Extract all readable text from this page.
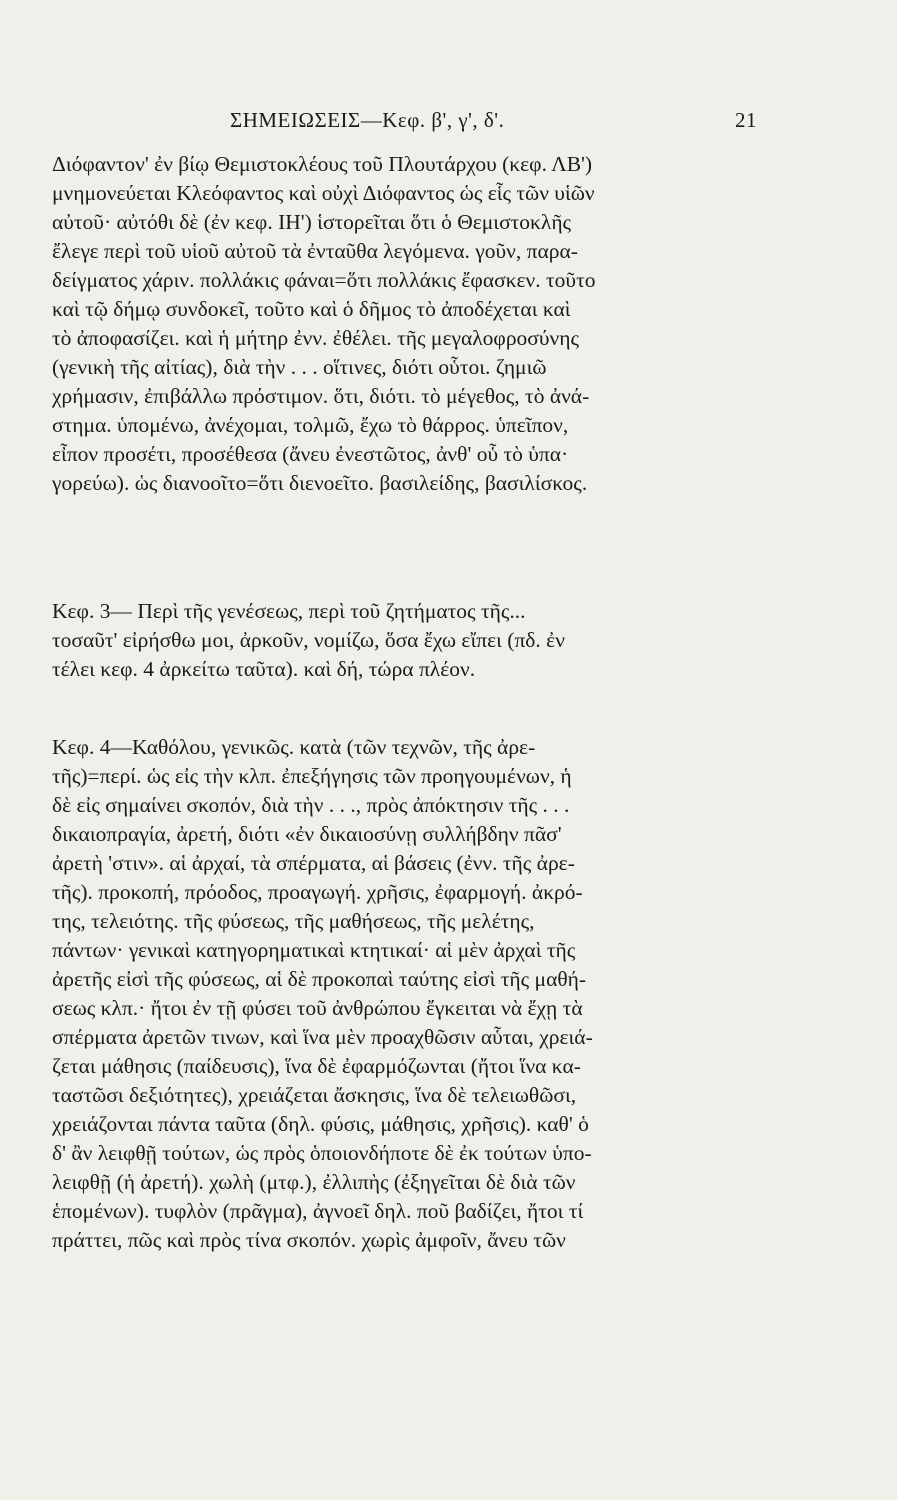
ΣΗΜΕΙΩΣΕΙΣ—Κεφ. β', γ', δ'.	21
Διόφαντον' ἐν βίῳ Θεμιστοκλέους τοῦ Πλουτάρχου (κεφ. ΛΒ')
μνημονεύεται Κλεόφαντος καὶ οὐχὶ Διόφαντος ὡς εἷς τῶν υἱῶν
αὐτοῦ· αὐτόθι δὲ (ἐν κεφ. ΙΗ') ἱστορεῖται ὅτι ὁ Θεμιστοκλῆς
ἔλεγε περὶ τοῦ υἱοῦ αὐτοῦ τὰ ἐνταῦθα λεγόμενα. γοῦν, παρα-
δείγματος χάριν. πολλάκις φάναι=ὅτι πολλάκις ἔφασκεν. τοῦτο
καὶ τῷ δήμῳ συνδοκεῖ, τοῦτο καὶ ὁ δῆμος τὸ ἀποδέχεται καὶ
τὸ ἀποφασίζει. καὶ ἡ μήτηρ ἐνν. ἐθέλει. τῆς μεγαλοφροσύνης
(γενικὴ τῆς αἰτίας), διὰ τὴν . . . οἵτινες, διότι οὗτοι. ζημιῶ
χρήμασιν, ἐπιβάλλω πρόστιμον. ὅτι, διότι. τὸ μέγεθος, τὸ ἀνά-
στημα. ὑπομένω, ἀνέχομαι, τολμῶ, ἔχω τὸ θάρρος. ὑπεῖπον,
εἶπον προσέτι, προσέθεσα (ἄνευ ἐνεστῶτος, ἀνθ' οὗ τὸ ὑπα·
γορεύω). ὡς διανοοῖτο=ὅτι διενοεῖτο. βασιλείδης, βασιλίσκος.
Κεφ. 3— Περὶ τῆς γενέσεως, περὶ τοῦ ζητήματος τῆς...
τοσαῦτ' εἰρήσθω μοι, ἀρκοῦν, νομίζω, ὅσα ἔχω εἴπει (πδ. ἐν
τέλει κεφ. 4 ἀρκείτω ταῦτα). καὶ δή, τώρα πλέον.
Κεφ. 4—Καθόλου, γενικῶς. κατὰ (τῶν τεχνῶν, τῆς ἀρε-
τῆς)=περί. ὡς εἰς τὴν κλπ. ἐπεξήγησις τῶν προηγουμένων, ἡ
δὲ εἰς σημαίνει σκοπόν, διὰ τὴν . . ., πρὸς ἀπόκτησιν τῆς . . .
δικαιοπραγία, ἀρετή, διότι «ἐν δικαιοσύνῃ συλλήβδην πᾶσ'
ἀρετὴ 'στιν». αἱ ἀρχαί, τὰ σπέρματα, αἱ βάσεις (ἐνν. τῆς ἀρε-
τῆς). προκοπή, πρόοδος, προαγωγή. χρῆσις, ἐφαρμογή. ἀκρό-
της, τελειότης. τῆς φύσεως, τῆς μαθήσεως, τῆς μελέτης,
πάντων· γενικαὶ κατηγορηματικαὶ κτητικαί· αἱ μὲν ἀρχαὶ τῆς
ἀρετῆς εἰσὶ τῆς φύσεως, αἱ δὲ προκοπαὶ ταύτης εἰσὶ τῆς μαθή-
σεως κλπ.· ἤτοι ἐν τῇ φύσει τοῦ ἀνθρώπου ἔγκειται νὰ ἔχῃ τὰ
σπέρματα ἀρετῶν τινων, καὶ ἵνα μὲν προαχθῶσιν αὗται, χρειά-
ζεται μάθησις (παίδευσις), ἵνα δὲ ἐφαρμόζωνται (ἤτοι ἵνα κα-
ταστῶσι δεξιότητες), χρειάζεται ἄσκησις, ἵνα δὲ τελειωθῶσι,
χρειάζονται πάντα ταῦτα (δηλ. φύσις, μάθησις, χρῆσις). καθ' ὁ
δ' ἂν λειφθῇ τούτων, ὡς πρὸς ὁποιονδήποτε δὲ ἐκ τούτων ὑπο-
λειφθῇ (ἡ ἀρετή). χωλὴ (μτφ.), ἐλλιπὴς (ἐξηγεῖται δὲ διὰ τῶν
ἑπομένων). τυφλὸν (πρᾶγμα), ἀγνοεῖ δηλ. ποῦ βαδίζει, ἤτοι τί
πράττει, πῶς καὶ πρὸς τίνα σκοπόν. χωρὶς ἀμφοῖν, ἄνευ τῶν
